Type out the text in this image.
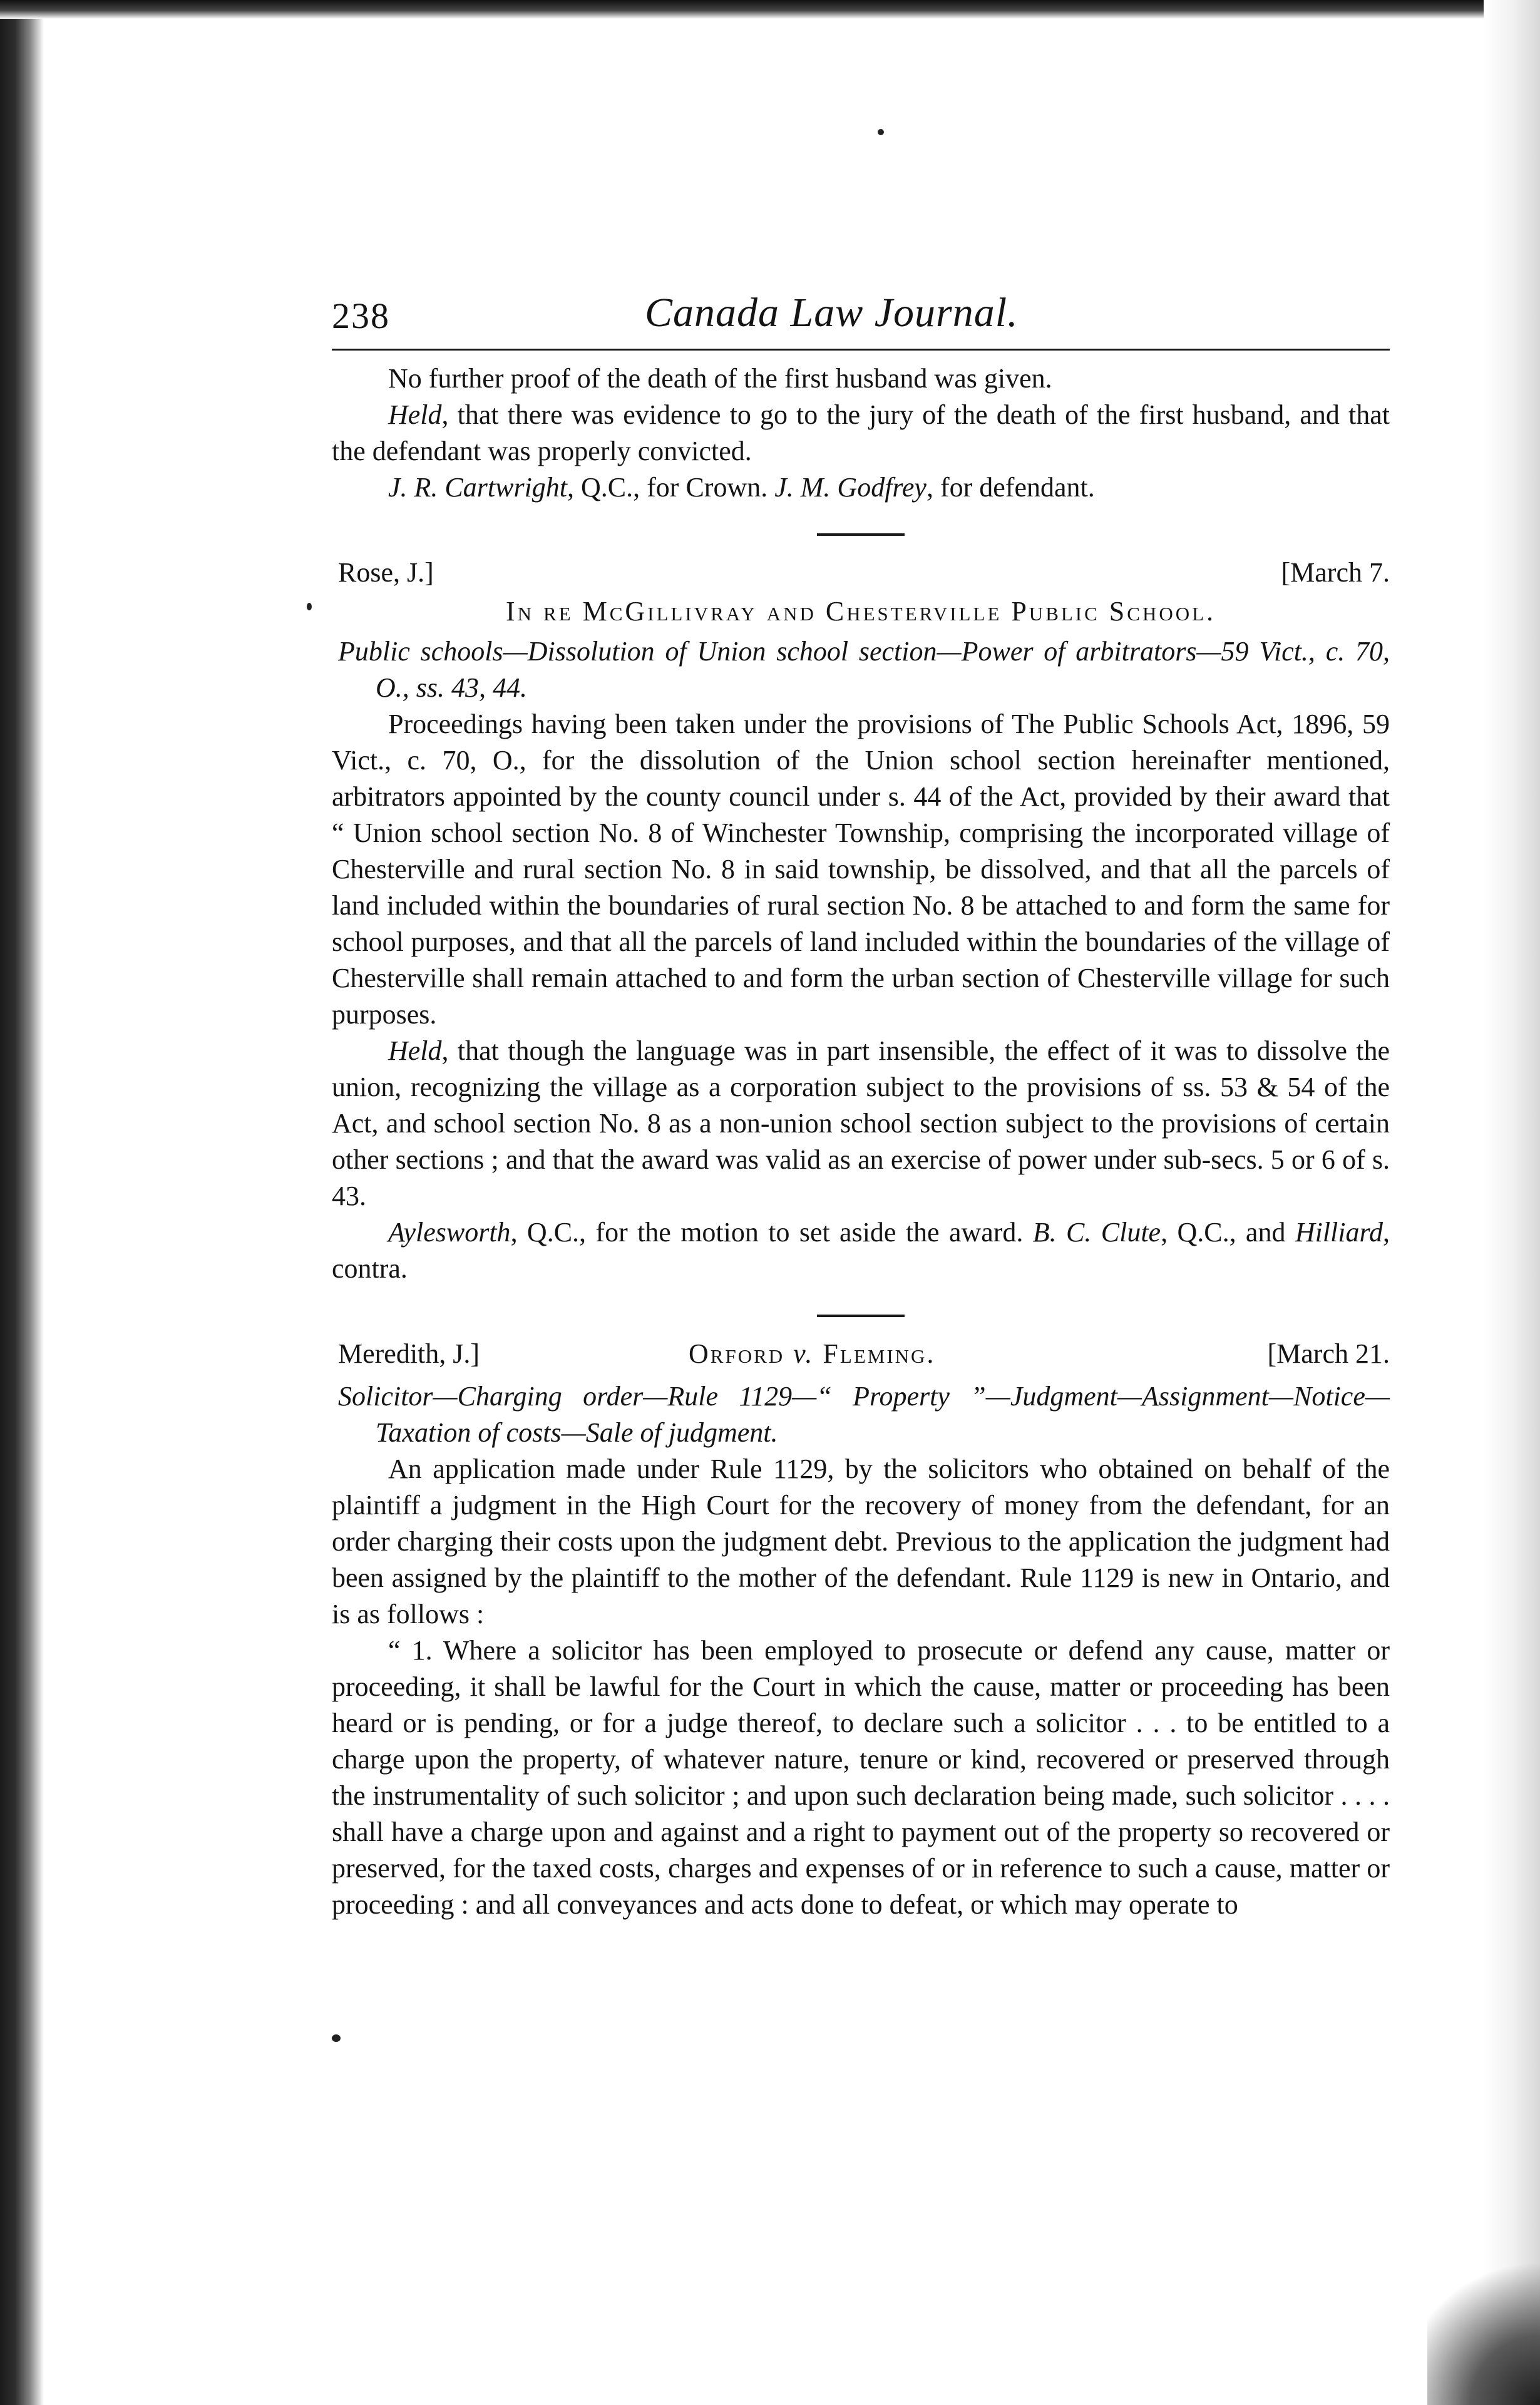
238	Canada Law Journal.

No further proof of the death of the first husband was given.

Held, that there was evidence to go to the jury of the death of the first husband, and that the defendant was properly convicted.

J. R. Cartwright, Q.C., for Crown. J. M. Godfrey, for defendant.

Rose, J.]	[March 7.
In re McGillivray and Chesterville Public School.

Public schools—Dissolution of Union school section—Power of arbitrators—59 Vict., c. 70, O., ss. 43, 44.

Proceedings having been taken under the provisions of The Public Schools Act, 1896, 59 Vict., c. 70, O., for the dissolution of the Union school section hereinafter mentioned, arbitrators appointed by the county council under s. 44 of the Act, provided by their award that “ Union school section No. 8 of Winchester Township, comprising the incorporated village of Chesterville and rural section No. 8 in said township, be dissolved, and that all the parcels of land included within the boundaries of rural section No. 8 be attached to and form the same for school purposes, and that all the parcels of land included within the boundaries of the village of Chesterville shall remain attached to and form the urban section of Chesterville village for such purposes.

Held, that though the language was in part insensible, the effect of it was to dissolve the union, recognizing the village as a corporation subject to the provisions of ss. 53 & 54 of the Act, and school section No. 8 as a non-union school section subject to the provisions of certain other sections ; and that the award was valid as an exercise of power under sub-secs. 5 or 6 of s. 43.

Aylesworth, Q.C., for the motion to set aside the award. B. C. Clute, Q.C., and Hilliard, contra.

Meredith, J.]	Orford v. Fleming.	[March 21.

Solicitor—Charging order—Rule 1129—“ Property ”—Judgment—Assignment—Notice—Taxation of costs—Sale of judgment.

An application made under Rule 1129, by the solicitors who obtained on behalf of the plaintiff a judgment in the High Court for the recovery of money from the defendant, for an order charging their costs upon the judgment debt. Previous to the application the judgment had been assigned by the plaintiff to the mother of the defendant. Rule 1129 is new in Ontario, and is as follows :

“ 1. Where a solicitor has been employed to prosecute or defend any cause, matter or proceeding, it shall be lawful for the Court in which the cause, matter or proceeding has been heard or is pending, or for a judge thereof, to declare such a solicitor . . . to be entitled to a charge upon the property, of whatever nature, tenure or kind, recovered or preserved through the instrumentality of such solicitor ; and upon such declaration being made, such solicitor . . . . shall have a charge upon and against and a right to payment out of the property so recovered or preserved, for the taxed costs, charges and expenses of or in reference to such a cause, matter or proceeding : and all conveyances and acts done to defeat, or which may operate to
